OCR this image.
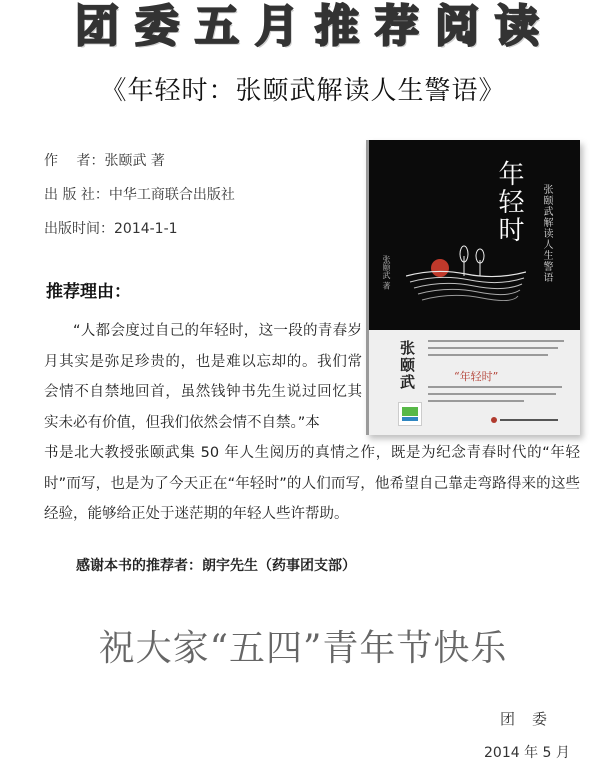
团 委 五 月 推 荐 阅 读
《年轻时：张颐武解读人生警语》
作　 者：张颐武 著
出 版 社：中华工商联合出版社
出版时间：2014-1-1
推荐理由：
“人都会度过自己的年轻时，这一段的青春岁月其实是弥足珍贵的，也是难以忘却的。我们常会情不自禁地回首，虽然钱钟书先生说过回忆其实未必有价值，但我们依然会情不自禁。”本
书是北大教授张颐武集 50 年人生阅历的真情之作，既是为纪念青春时代的“年轻时”而写，也是为了今天正在“年轻时”的人们而写，他希望自己靠走弯路得来的这些经验，能够给正处于迷茫期的年轻人些许帮助。
感谢本书的推荐者：朗宇先生（药事团支部）
祝大家“五四”青年节快乐
团　委
2014 年 5 月
年轻时	张颐武解读人生警语
张颐武 著
张颐武	“年轻时”
